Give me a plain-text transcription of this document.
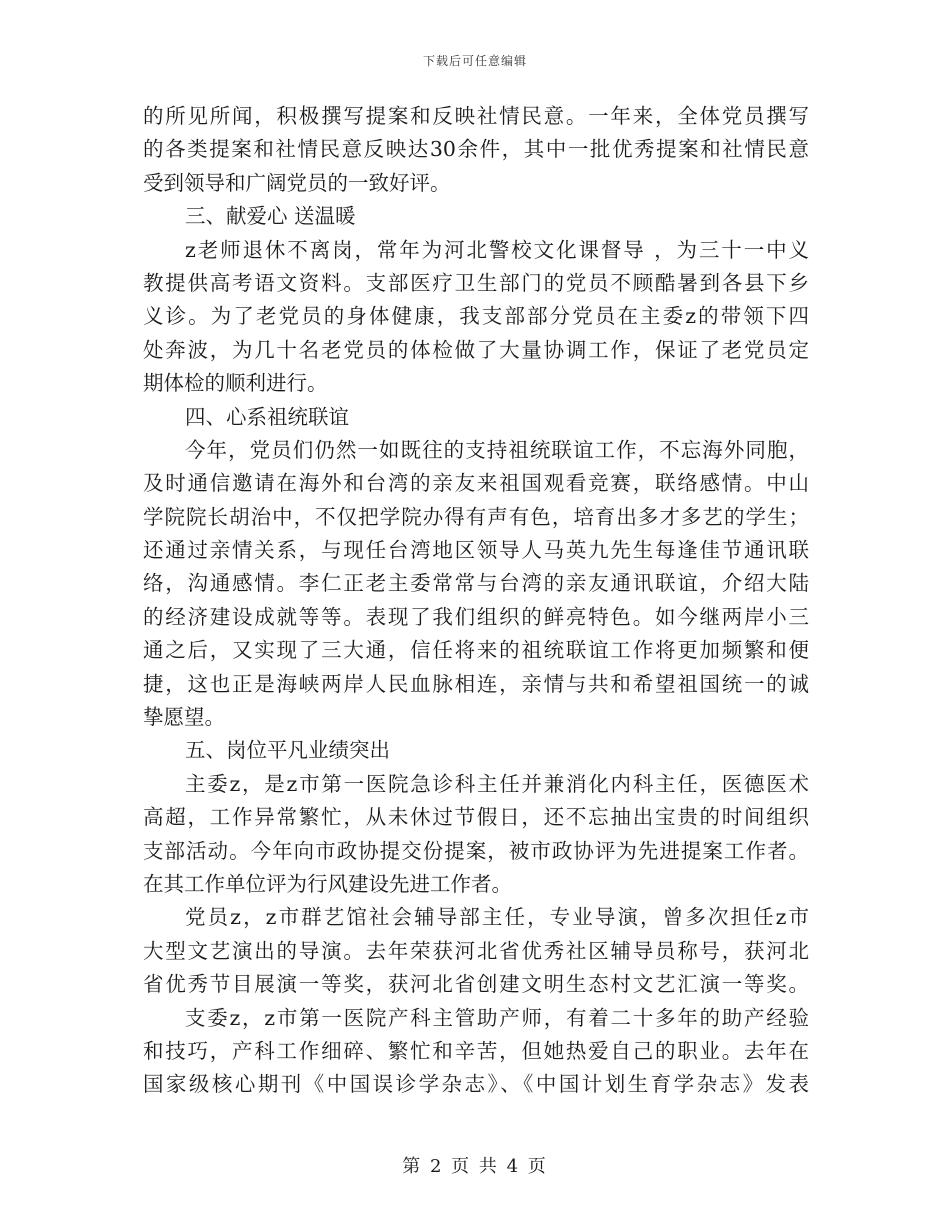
下载后可任意编辑
的所见所闻，积极撰写提案和反映社情民意。一年来，全体党员撰写
的各类提案和社情民意反映达30余件，其中一批优秀提案和社情民意
受到领导和广阔党员的一致好评。
三、献爱心 送温暖
z老师退休不离岗，常年为河北警校文化课督导 ，为三十一中义
教提供高考语文资料。支部医疗卫生部门的党员不顾酷暑到各县下乡
义诊。为了老党员的身体健康，我支部部分党员在主委z的带领下四
处奔波，为几十名老党员的体检做了大量协调工作，保证了老党员定
期体检的顺利进行。
四、心系祖统联谊
今年，党员们仍然一如既往的支持祖统联谊工作，不忘海外同胞，
及时通信邀请在海外和台湾的亲友来祖国观看竞赛，联络感情。中山
学院院长胡治中，不仅把学院办得有声有色，培育出多才多艺的学生；
还通过亲情关系，与现任台湾地区领导人马英九先生每逢佳节通讯联
络，沟通感情。李仁正老主委常常与台湾的亲友通讯联谊，介绍大陆
的经济建设成就等等。表现了我们组织的鲜亮特色。如今继两岸小三
通之后，又实现了三大通，信任将来的祖统联谊工作将更加频繁和便
捷，这也正是海峡两岸人民血脉相连，亲情与共和希望祖国统一的诚
挚愿望。
五、岗位平凡业绩突出
主委z，是z市第一医院急诊科主任并兼消化内科主任，医德医术
高超，工作异常繁忙，从未休过节假日，还不忘抽出宝贵的时间组织
支部活动。今年向市政协提交份提案，被市政协评为先进提案工作者。
在其工作单位评为行风建设先进工作者。
党员z，z市群艺馆社会辅导部主任，专业导演，曾多次担任z市
大型文艺演出的导演。去年荣获河北省优秀社区辅导员称号，获河北
省优秀节目展演一等奖，获河北省创建文明生态村文艺汇演一等奖。
支委z，z市第一医院产科主管助产师，有着二十多年的助产经验
和技巧，产科工作细碎、繁忙和辛苦，但她热爱自己的职业。去年在
国家级核心期刊《中国误诊学杂志》、《中国计划生育学杂志》发表
第 2 页 共 4 页
